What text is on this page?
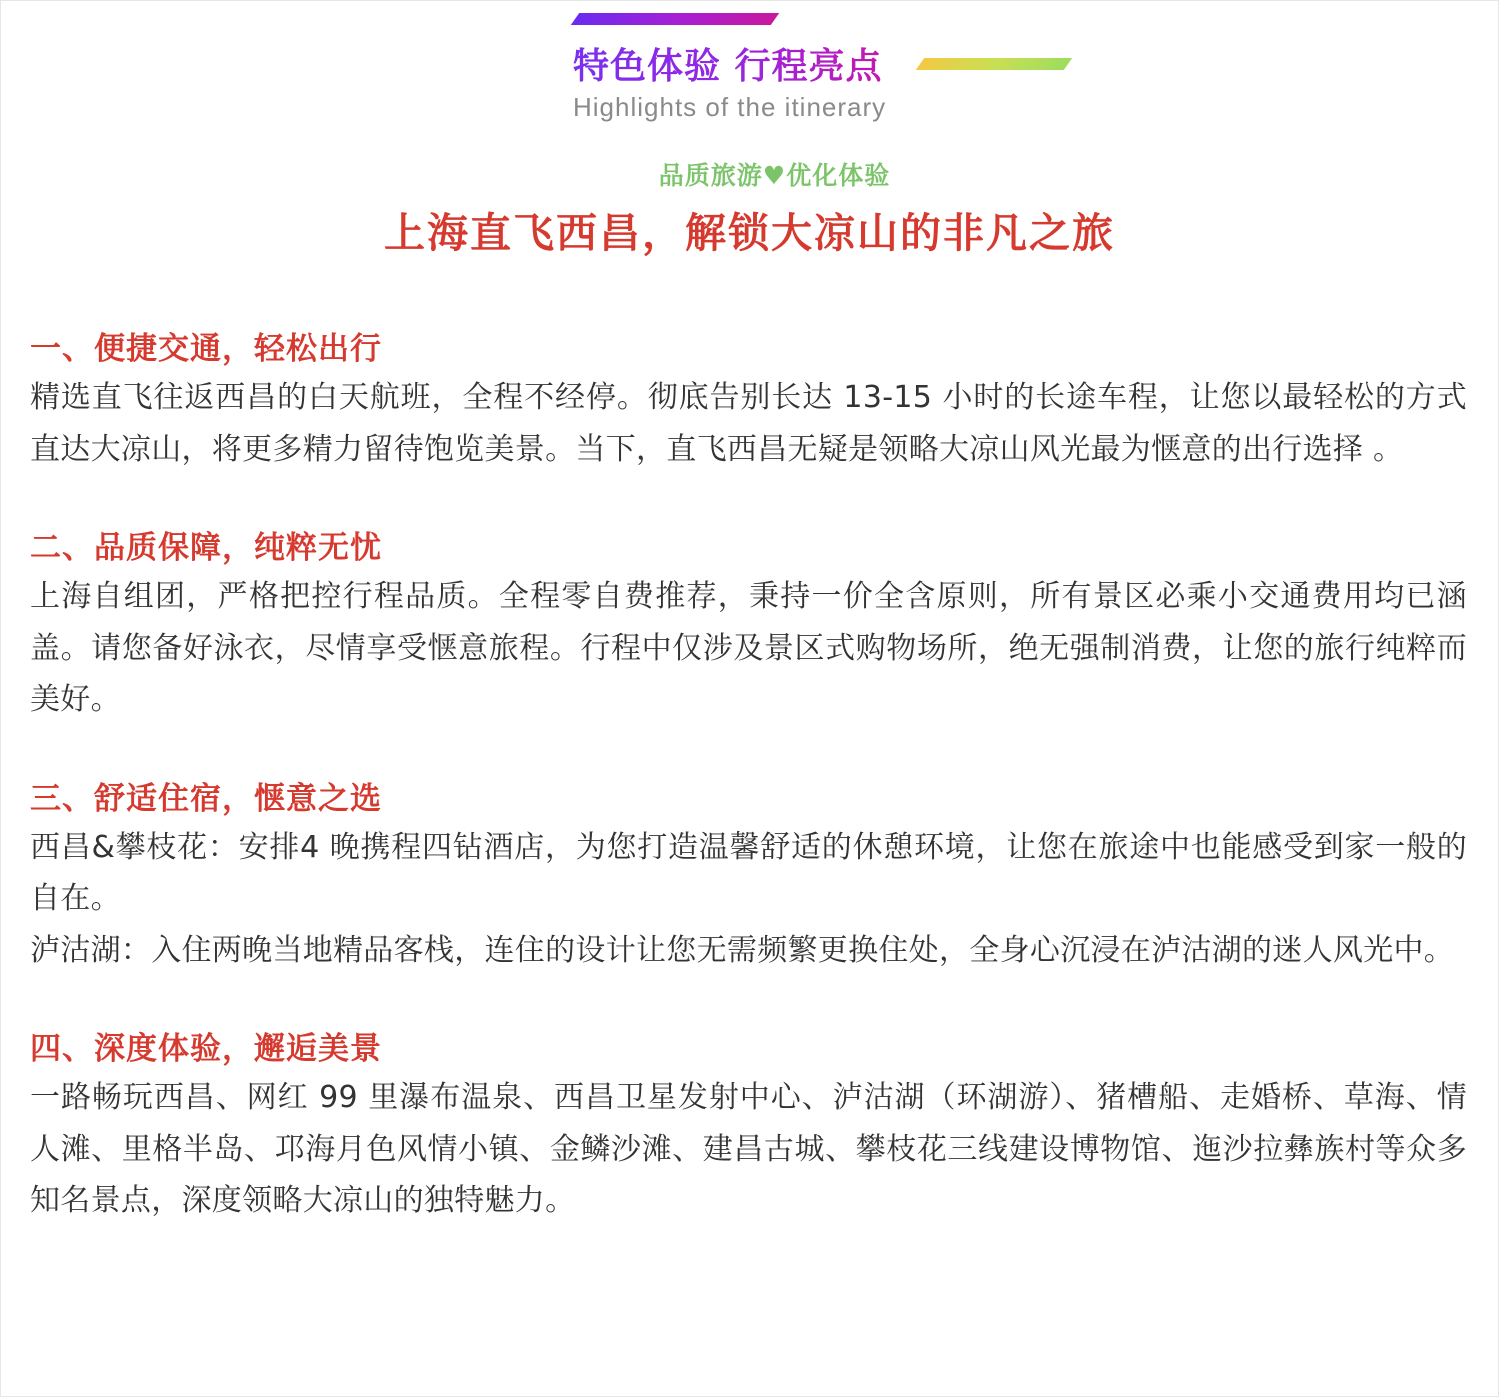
特色体验 行程亮点
Highlights of the itinerary
品质旅游♥优化体验
上海直飞西昌，解锁大凉山的非凡之旅
一、便捷交通，轻松出行

精选直飞往返西昌的白天航班，全程不经停。彻底告别长达 13-15 小时的长途车程，让您以最轻松的方式直达大凉山，将更多精力留待饱览美景。当下，直飞西昌无疑是领略大凉山风光最为惬意的出行选择 。

二、品质保障，纯粹无忧

上海自组团，严格把控行程品质。全程零自费推荐，秉持一价全含原则，所有景区必乘小交通费用均已涵盖。请您备好泳衣，尽情享受惬意旅程。行程中仅涉及景区式购物场所，绝无强制消费，让您的旅行纯粹而美好。

三、舒适住宿，惬意之选

西昌&攀枝花：安排4 晚携程四钻酒店，为您打造温馨舒适的休憩环境，让您在旅途中也能感受到家一般的自在。

泸沽湖：入住两晚当地精品客栈，连住的设计让您无需频繁更换住处，全身心沉浸在泸沽湖的迷人风光中。

四、深度体验，邂逅美景

一路畅玩西昌、网红 99 里瀑布温泉、西昌卫星发射中心、泸沽湖（环湖游）、猪槽船、走婚桥、草海、情人滩、里格半岛、邛海月色风情小镇、金鳞沙滩、建昌古城、攀枝花三线建设博物馆、迤沙拉彝族村等众多知名景点，深度领略大凉山的独特魅力。
